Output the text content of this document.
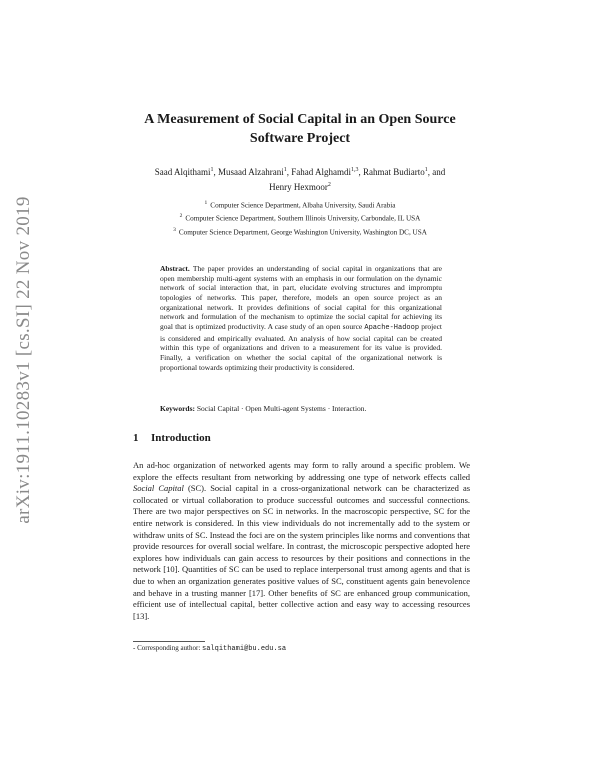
arXiv:1911.10283v1 [cs.SI] 22 Nov 2019
A Measurement of Social Capital in an Open Source
Software Project
Saad Alqithami$^1$, Musaad Alzahrani$^1$, Fahad Alghamdi$^{1,3}$, Rahmat Budiarto$^1$, and
Henry Hexmoor$^2$
$^1$ Computer Science Department, Albaha University, Saudi Arabia
$^2$ Computer Science Department, Southern Illinois University, Carbondale, IL USA
$^3$ Computer Science Department, George Washington University, Washington DC, USA
Abstract. The paper provides an understanding of social capital in organizations that are open membership multi-agent systems with an emphasis in our formulation on the dynamic network of social interaction that, in part, elucidate evolving structures and impromptu topologies of networks. This paper, therefore, models an open source project as an organizational network. It provides definitions of social capital for this organizational network and formulation of the mechanism to optimize the social capital for achieving its goal that is optimized productivity. A case study of an open source Apache-Hadoop project is considered and empirically evaluated. An analysis of how social capital can be created within this type of organizations and driven to a measurement for its value is provided. Finally, a verification on whether the social capital of the organizational network is proportional towards optimizing their productivity is considered.
Keywords: Social Capital · Open Multi-agent Systems · Interaction.
1 Introduction
An ad-hoc organization of networked agents may form to rally around a specific problem. We explore the effects resultant from networking by addressing one type of network effects called Social Capital (SC). Social capital in a cross-organizational network can be characterized as collocated or virtual collaboration to produce successful outcomes and successful connections. There are two major perspectives on SC in networks. In the macroscopic perspective, SC for the entire network is considered. In this view individuals do not incrementally add to the system or withdraw units of SC. Instead the foci are on the system principles like norms and conventions that provide resources for overall social welfare. In contrast, the microscopic perspective adopted here explores how individuals can gain access to resources by their positions and connections in the network [10]. Quantities of SC can be used to replace interpersonal trust among agents and that is due to when an organization generates positive values of SC, constituent agents gain benevolence and behave in a trusting manner [17]. Other benefits of SC are enhanced group communication, efficient use of intellectual capital, better collective action and easy way to accessing resources [13].
- Corresponding author: salqithami@bu.edu.sa
